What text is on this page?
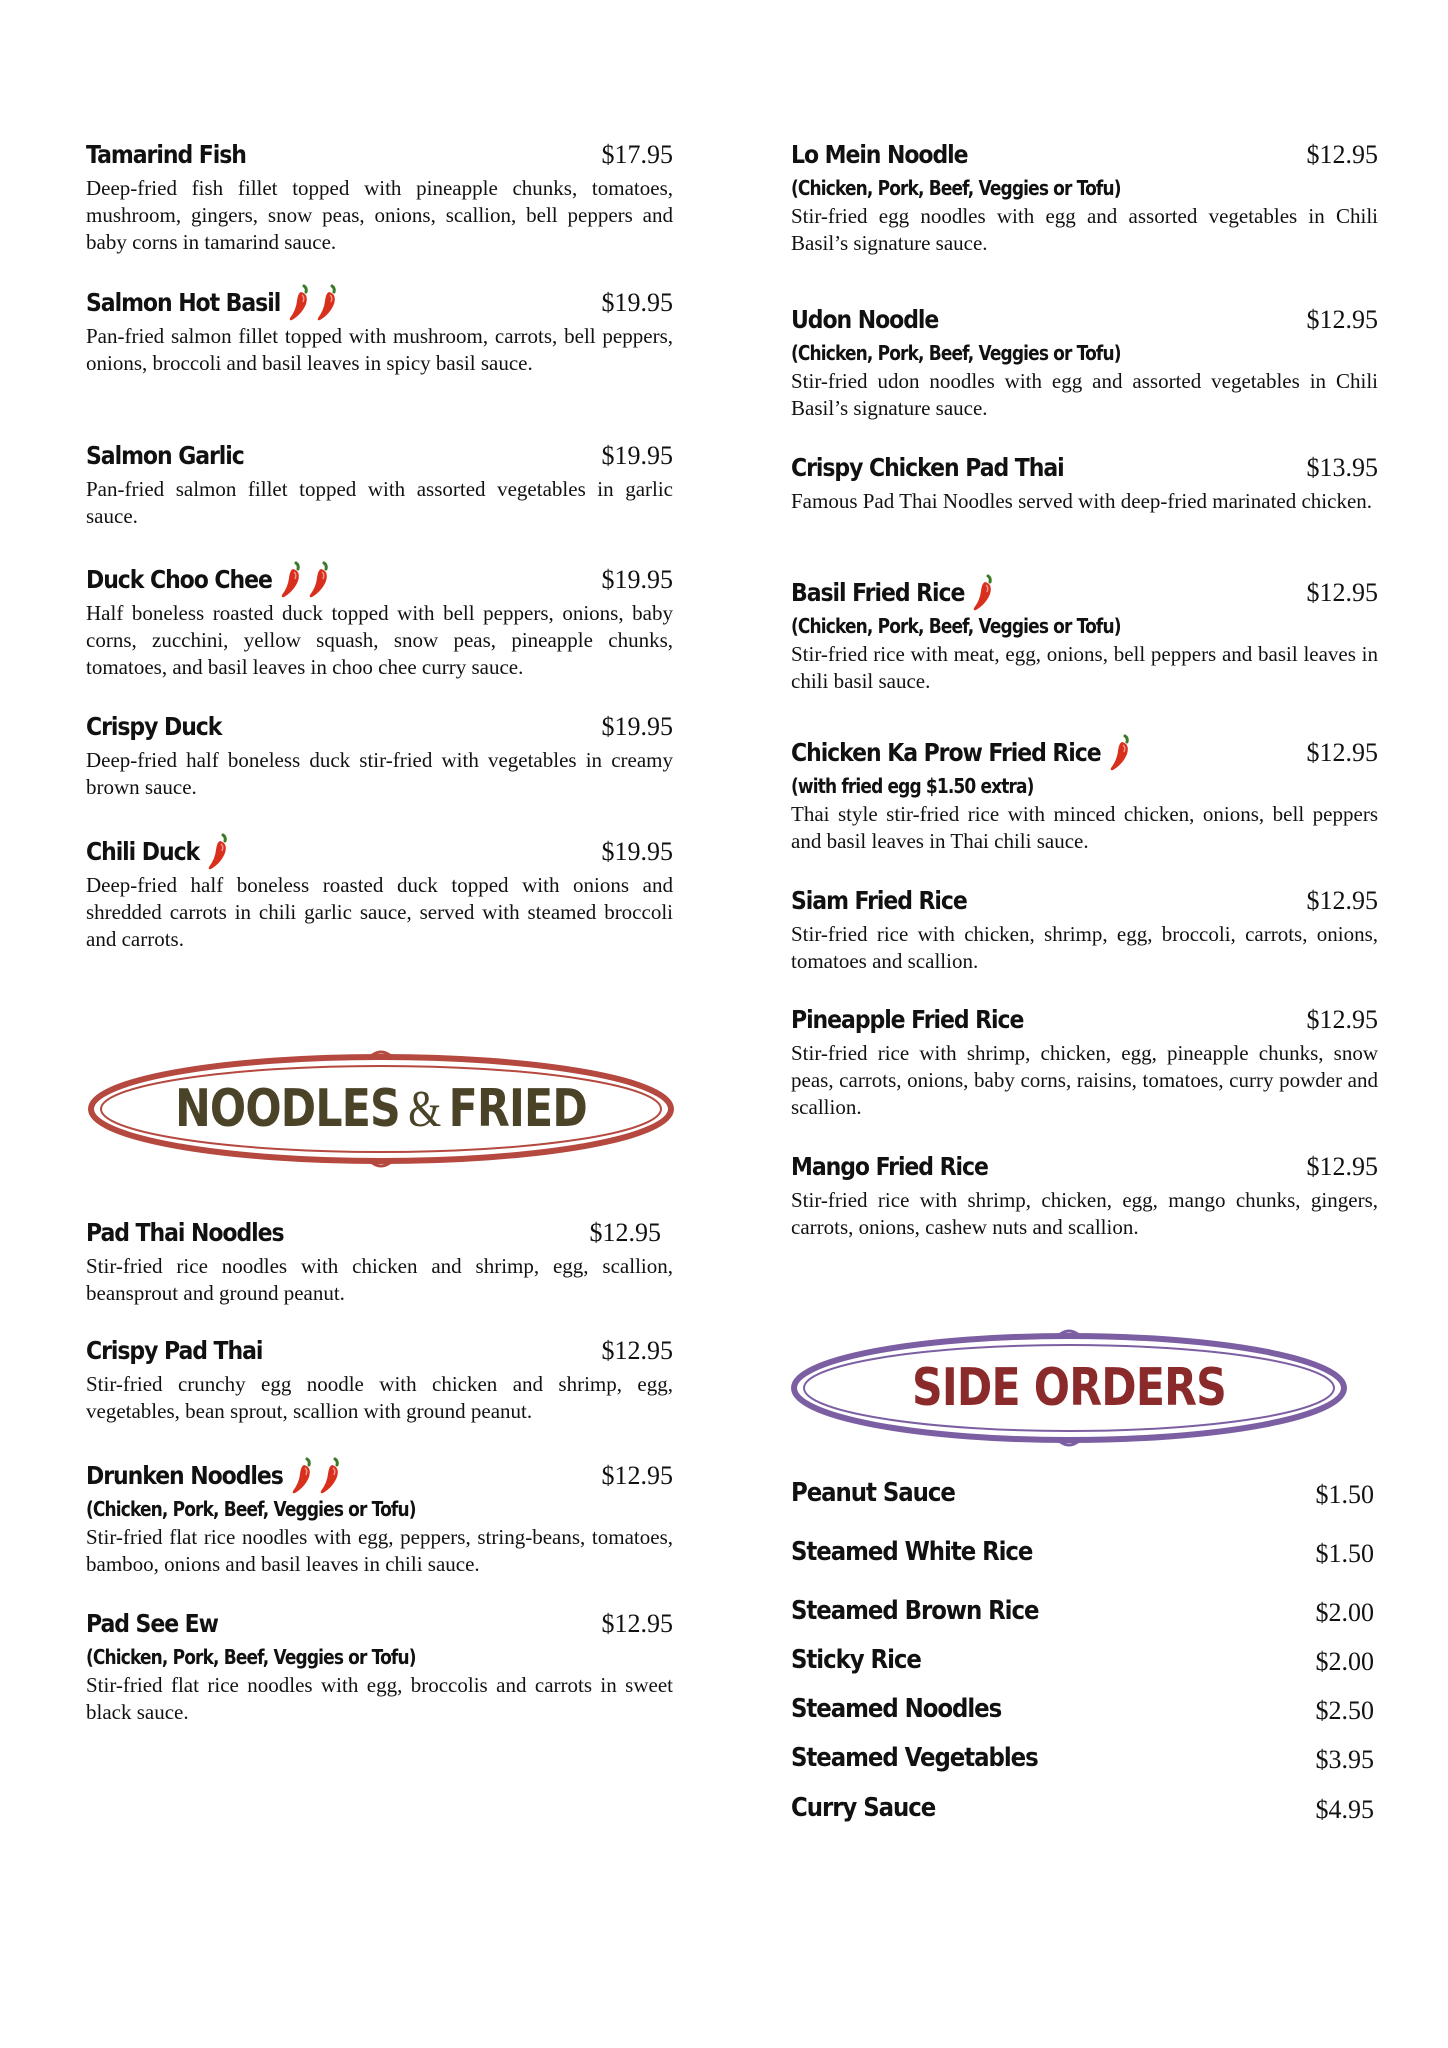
Tamarind Fish	$17.95
Deep-fried fish fillet topped with pineapple chunks, tomatoes, mushroom, gingers, snow peas, onions, scallion, bell peppers and baby corns in tamarind sauce.
Salmon Hot Basil	$19.95
Pan-fried salmon fillet topped with mushroom, carrots, bell peppers, onions, broccoli and basil leaves in spicy basil sauce.
Salmon Garlic	$19.95
Pan-fried salmon fillet topped with assorted vegetables in garlic sauce.
Duck Choo Chee	$19.95
Half boneless roasted duck topped with bell peppers, onions, baby corns, zucchini, yellow squash, snow peas, pineapple chunks, tomatoes, and basil leaves in choo chee curry sauce.
Crispy Duck	$19.95
Deep-fried half boneless duck stir-fried with vegetables in creamy brown sauce.
Chili Duck	$19.95
Deep-fried half boneless roasted duck topped with onions and shredded carrots in chili garlic sauce, served with steamed broccoli and carrots.
NOODLES & FRIED
Pad Thai Noodles	$12.95
Stir-fried rice noodles with chicken and shrimp, egg, scallion, beansprout and ground peanut.
Crispy Pad Thai	$12.95
Stir-fried crunchy egg noodle with chicken and shrimp, egg, vegetables, bean sprout, scallion with ground peanut.
Drunken Noodles	$12.95
(Chicken, Pork, Beef, Veggies or Tofu)
Stir-fried flat rice noodles with egg, peppers, string-beans, tomatoes, bamboo, onions and basil leaves in chili sauce.
Pad See Ew	$12.95
(Chicken, Pork, Beef, Veggies or Tofu)
Stir-fried flat rice noodles with egg, broccolis and carrots in sweet black sauce.
Lo Mein Noodle	$12.95
(Chicken, Pork, Beef, Veggies or Tofu)
Stir-fried egg noodles with egg and assorted vegetables in Chili Basil’s signature sauce.
Udon Noodle	$12.95
(Chicken, Pork, Beef, Veggies or Tofu)
Stir-fried udon noodles with egg and assorted vegetables in Chili Basil’s signature sauce.
Crispy Chicken Pad Thai	$13.95
Famous Pad Thai Noodles served with deep-fried marinated chicken.
Basil Fried Rice	$12.95
(Chicken, Pork, Beef, Veggies or Tofu)
Stir-fried rice with meat, egg, onions, bell peppers and basil leaves in chili basil sauce.
Chicken Ka Prow Fried Rice	$12.95
(with fried egg $1.50 extra)
Thai style stir-fried rice with minced chicken, onions, bell peppers and basil leaves in Thai chili sauce.
Siam Fried Rice	$12.95
Stir-fried rice with chicken, shrimp, egg, broccoli, carrots, onions, tomatoes and scallion.
Pineapple Fried Rice	$12.95
Stir-fried rice with shrimp, chicken, egg, pineapple chunks, snow peas, carrots, onions, baby corns, raisins, tomatoes, curry powder and scallion.
Mango Fried Rice	$12.95
Stir-fried rice with shrimp, chicken, egg, mango chunks, gingers, carrots, onions, cashew nuts and scallion.
SIDE ORDERS
Peanut Sauce	$1.50
Steamed White Rice	$1.50
Steamed Brown Rice	$2.00
Sticky Rice	$2.00
Steamed Noodles	$2.50
Steamed Vegetables	$3.95
Curry Sauce	$4.95
